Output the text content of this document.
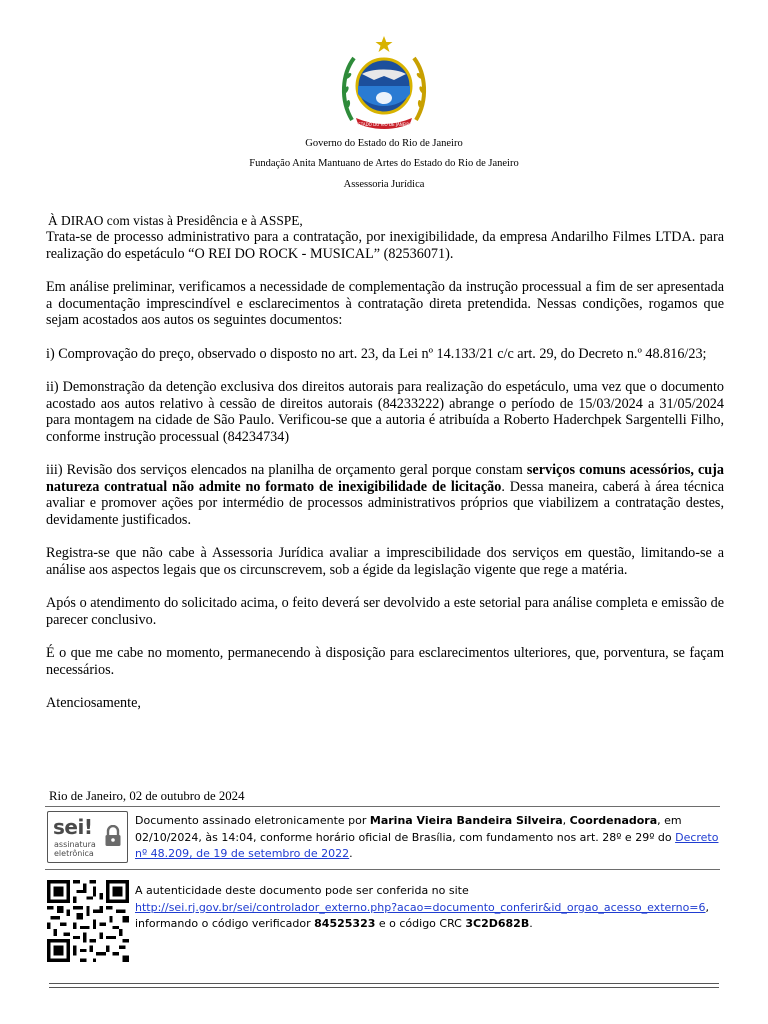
ESTADO DO RIO DE JANEIRO
Governo do Estado do Rio de Janeiro
Fundação Anita Mantuano de Artes do Estado do Rio de Janeiro
Assessoria Jurídica
À DIRAO com vistas à Presidência e à ASSPE,

Trata-se de processo administrativo para a contratação, por inexigibilidade, da empresa Andarilho Filmes LTDA. para realização do espetáculo “O REI DO ROCK - MUSICAL” (82536071).

Em análise preliminar, verificamos a necessidade de complementação da instrução processual a fim de ser apresentada a documentação imprescindível e esclarecimentos à contratação direta pretendida. Nessas condições, rogamos que sejam acostados aos autos os seguintes documentos:

i) Comprovação do preço, observado o disposto no art. 23, da Lei nº 14.133/21 c/c art. 29, do Decreto n.º 48.816/23;

ii) Demonstração da detenção exclusiva dos direitos autorais para realização do espetáculo, uma vez que o documento acostado aos autos relativo à cessão de direitos autorais (84233222) abrange o período de 15/03/2024 a 31/05/2024 para montagem na cidade de São Paulo. Verificou-se que a autoria é atribuída a Roberto Haderchpek Sargentelli Filho, conforme instrução processual (84234734)

iii) Revisão dos serviços elencados na planilha de orçamento geral porque constam serviços comuns acessórios, cuja natureza contratual não admite no formato de inexigibilidade de licitação. Dessa maneira, caberá à área técnica avaliar e promover ações por intermédio de processos administrativos próprios que viabilizem a contratação destes, devidamente justificados.

Registra-se que não cabe à Assessoria Jurídica avaliar a imprescibilidade dos serviços em questão, limitando-se a análise aos aspectos legais que os circunscrevem, sob a égide da legislação vigente que rege a matéria.

Após o atendimento do solicitado acima, o feito deverá ser devolvido a este setorial para análise completa e emissão de parecer conclusivo.

É o que me cabe no momento, permanecendo à disposição para esclarecimentos ulteriores, que, porventura, se façam necessários.

Atenciosamente,

Rio de Janeiro, 02 de outubro de 2024
sei!
assinatura
eletrônica
Documento assinado eletronicamente por Marina Vieira Bandeira Silveira, Coordenadora, em 02/10/2024, às 14:04, conforme horário oficial de Brasília, com fundamento nos art. 28º e 29º do Decreto nº 48.209, de 19 de setembro de 2022.
A autenticidade deste documento pode ser conferida no site http://sei.rj.gov.br/sei/controlador_externo.php?acao=documento_conferir&id_orgao_acesso_externo=6, informando o código verificador 84525323 e o código CRC 3C2D682B.
